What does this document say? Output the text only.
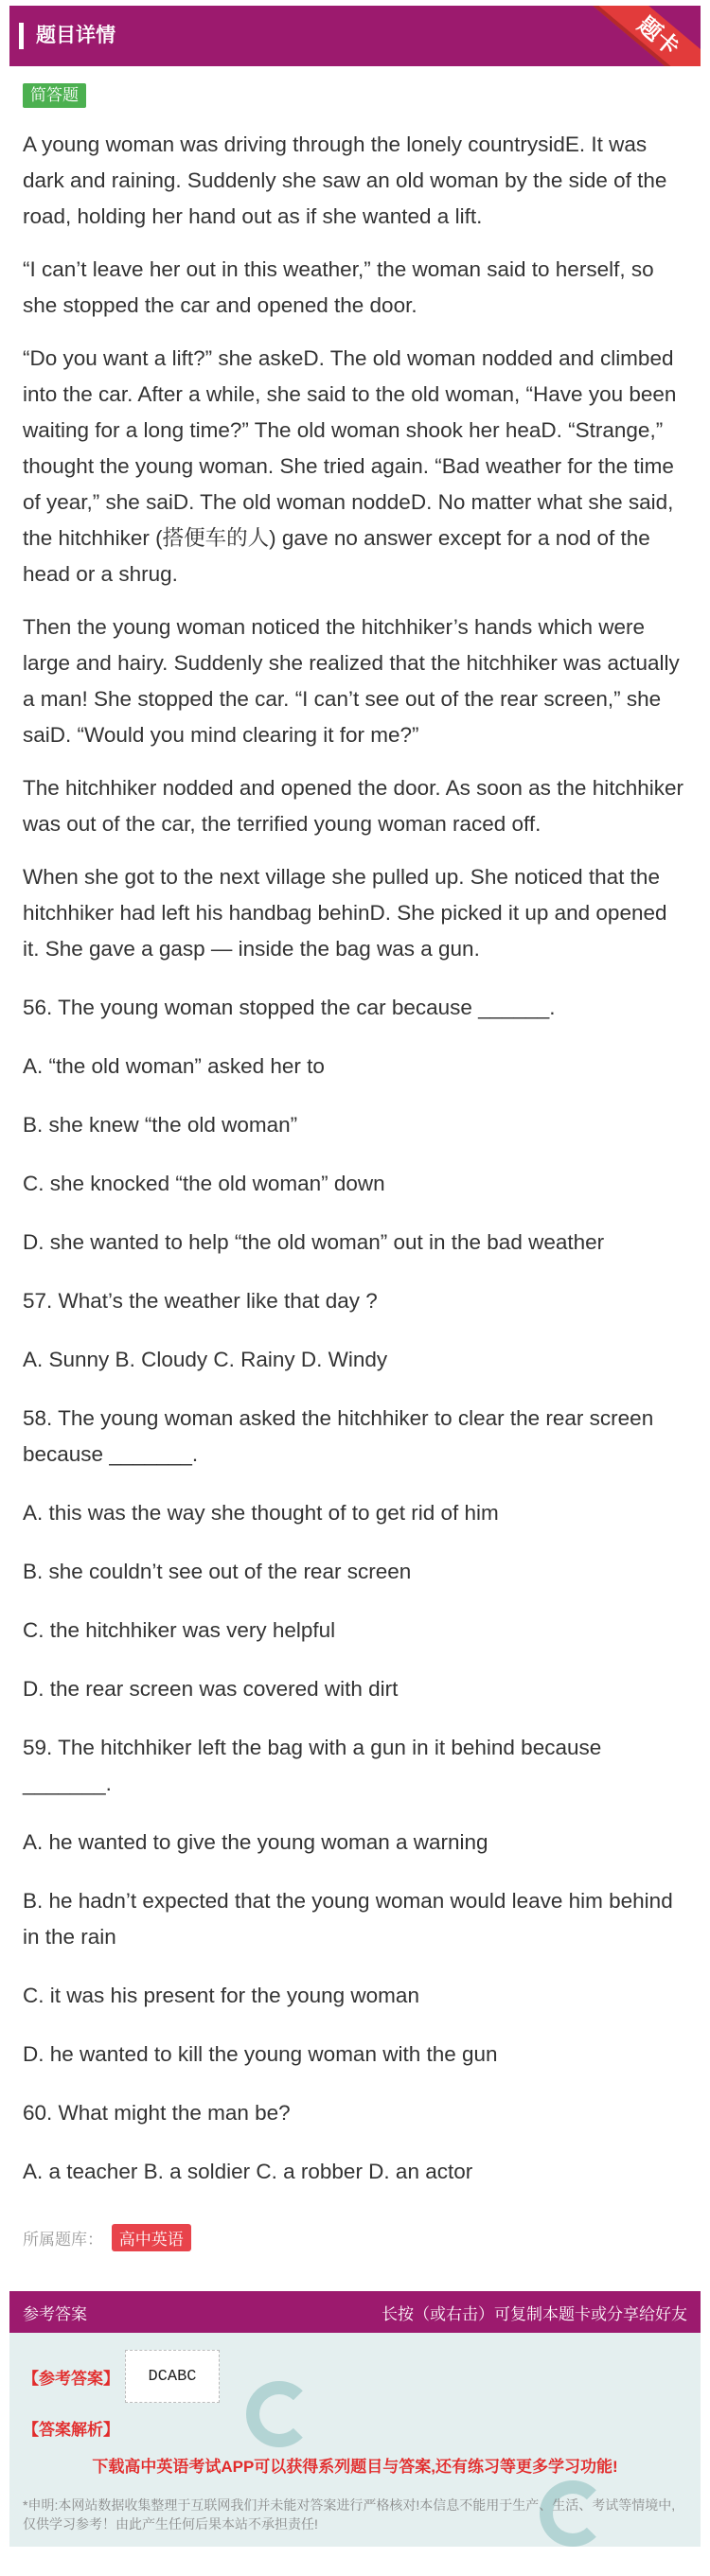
题目详情	题卡
简答题

A young woman was driving through the lonely countrysidE. It was dark and raining. Suddenly she saw an old woman by the side of the road, holding her hand out as if she wanted a lift.

“I can’t leave her out in this weather,” the woman said to herself, so she stopped the car and opened the door.

“Do you want a lift?” she askeD. The old woman nodded and climbed into the car. After a while, she said to the old woman, “Have you been waiting for a long time?” The old woman shook her heaD. “Strange,” thought the young woman. She tried again. “Bad weather for the time of year,” she saiD. The old woman noddeD. No matter what she said, the hitchhiker (搭便车的人) gave no answer except for a nod of the head or a shrug.

Then the young woman noticed the hitchhiker’s hands which were large and hairy. Suddenly she realized that the hitchhiker was actually a man! She stopped the car. “I can’t see out of the rear screen,” she saiD. “Would you mind clearing it for me?”

The hitchhiker nodded and opened the door. As soon as the hitchhiker was out of the car, the terrified young woman raced off.

When she got to the next village she pulled up. She noticed that the hitchhiker had left his handbag behinD. She picked it up and opened it. She gave a gasp — inside the bag was a gun.

56. The young woman stopped the car because ______.

A. “the old woman” asked her to

B. she knew “the old woman”

C. she knocked “the old woman” down

D. she wanted to help “the old woman” out in the bad weather

57. What’s the weather like that day ?

A. Sunny B. Cloudy C. Rainy D. Windy

58. The young woman asked the hitchhiker to clear the rear screen because _______.

A. this was the way she thought of to get rid of him

B. she couldn’t see out of the rear screen

C. the hitchhiker was very helpful

D. the rear screen was covered with dirt

59. The hitchhiker left the bag with a gun in it behind because _______.

A. he wanted to give the young woman a warning

B. he hadn’t expected that the young woman would leave him behind in the rain

C. it was his present for the young woman

D. he wanted to kill the young woman with the gun

60. What might the man be?

A. a teacher B. a soldier C. a robber D. an actor

所属题库： 高中英语
参考答案	长按（或右击）可复制本题卡或分享给好友
【参考答案】	DCABC
【答案解析】
下载高中英语考试APP可以获得系列题目与答案,还有练习等更多学习功能!
*申明:本网站数据收集整理于互联网我们并未能对答案进行严格核对!本信息不能用于生产、生活、考试等情境中,仅供学习参考！由此产生任何后果本站不承担责任!
